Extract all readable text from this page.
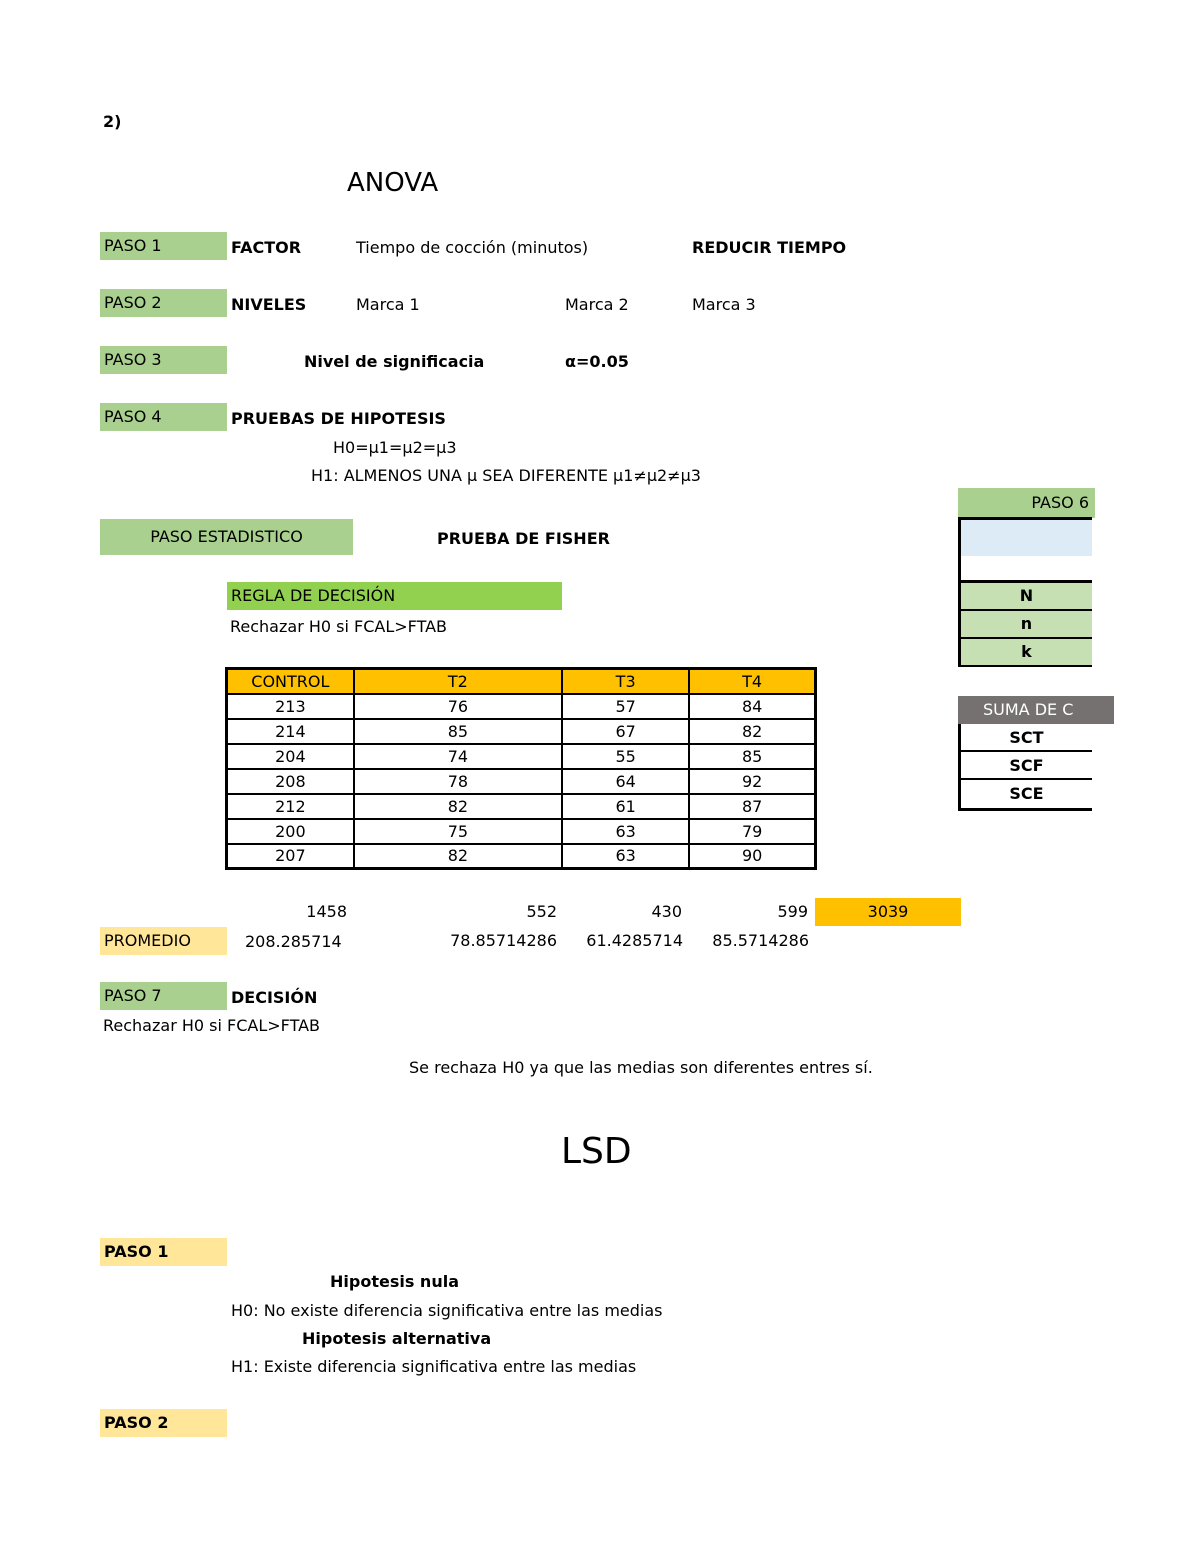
2)
ANOVA
PASO 1	FACTOR	Tiempo de cocción (minutos)	REDUCIR TIEMPO
PASO 2	NIVELES	Marca 1	Marca 2	Marca 3
PASO 3	Nivel de significacia	α=0.05
PASO 4	PRUEBAS DE HIPOTESIS
H0=μ1=μ2=μ3
H1: ALMENOS UNA μ SEA DIFERENTE μ1≠μ2≠μ3
PASO ESTADISTICO	PRUEBA DE FISHER
REGLA DE DECISIÓN
Rechazar H0 si FCAL>FTAB
CONTROL	T2	T3	T4
213	76	57	84
214	85	67	82
204	74	55	85
208	78	64	92
212	82	61	87
200	75	63	79
207	82	63	90
1458	552	430	599	3039
PROMEDIO	208.285714	78.85714286	61.4285714	85.5714286
PASO 6
N
n
k
SUMA DE C
SCT
SCF
SCE
PASO 7	DECISIÓN
Rechazar H0 si FCAL>FTAB
Se rechaza H0 ya que las medias son diferentes entres sí.
LSD
PASO 1
Hipotesis nula
H0: No existe diferencia significativa entre las medias
Hipotesis alternativa
H1: Existe diferencia significativa entre las medias
PASO 2
